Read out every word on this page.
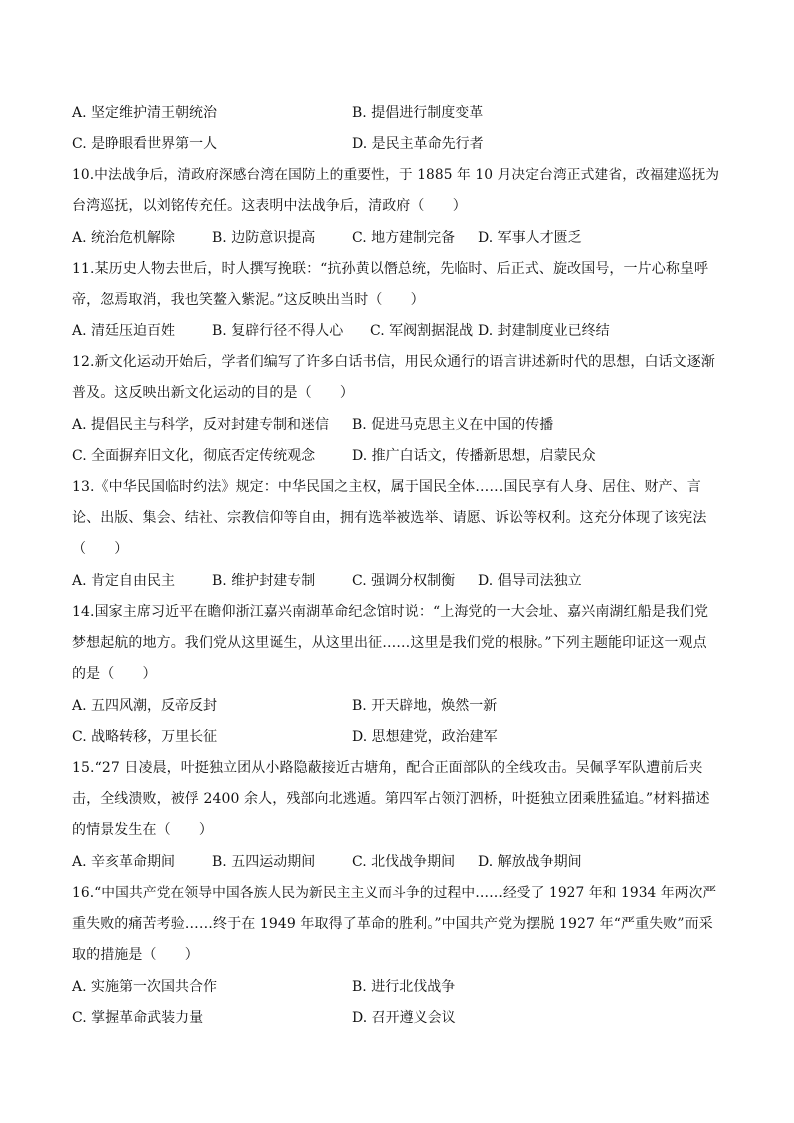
A. 坚定维护清王朝统治	B. 提倡进行制度变革
C. 是睁眼看世界第一人	D. 是民主革命先行者
10.中法战争后，清政府深感台湾在国防上的重要性，于 1885 年 10 月决定台湾正式建省，改福建巡抚为
台湾巡抚，以刘铭传充任。这表明中法战争后，清政府（　　）
A. 统治危机解除	B. 边防意识提高	C. 地方建制完备 D. 军事人才匮乏
11.某历史人物去世后，时人撰写挽联：“抗孙黄以僭总统，先临时、后正式、旋改国号，一片心称皇呼
帝，忽焉取消，我也笑鳌入紫泥。”这反映出当时（　　）
A. 清廷压迫百姓	B. 复辟行径不得人心 C. 军阀割据混战 D. 封建制度业已终结
12.新文化运动开始后，学者们编写了许多白话书信，用民众通行的语言讲述新时代的思想，白话文逐渐
普及。这反映出新文化运动的目的是（　　）
A. 提倡民主与科学，反对封建专制和迷信 B. 促进马克思主义在中国的传播
C. 全面摒弃旧文化，彻底否定传统观念	D. 推广白话文，传播新思想，启蒙民众
13.《中华民国临时约法》规定：中华民国之主权，属于国民全体……国民享有人身、居住、财产、言
论、出版、集会、结社、宗教信仰等自由，拥有选举被选举、请愿、诉讼等权利。这充分体现了该宪法
（　　）
A. 肯定自由民主	B. 维护封建专制	C. 强调分权制衡 D. 倡导司法独立
14.国家主席习近平在瞻仰浙江嘉兴南湖革命纪念馆时说：“上海党的一大会址、嘉兴南湖红船是我们党
梦想起航的地方。我们党从这里诞生，从这里出征……这里是我们党的根脉。”下列主题能印证这一观点
的是（　　）
A. 五四风潮，反帝反封	B. 开天辟地，焕然一新
C. 战略转移，万里长征	D. 思想建党，政治建军
15.“27 日凌晨，叶挺独立团从小路隐蔽接近古塘角，配合正面部队的全线攻击。吴佩孚军队遭前后夹
击，全线溃败，被俘 2400 余人，残部向北逃遁。第四军占领汀泗桥，叶挺独立团乘胜猛追。”材料描述
的情景发生在（　　）
A. 辛亥革命期间	B. 五四运动期间	C. 北伐战争期间 D. 解放战争期间
16.“中国共产党在领导中国各族人民为新民主主义而斗争的过程中……经受了 1927 年和 1934 年两次严
重失败的痛苦考验……终于在 1949 年取得了革命的胜利。”中国共产党为摆脱 1927 年“严重失败”而采
取的措施是（　　）
A. 实施第一次国共合作	B. 进行北伐战争
C. 掌握革命武装力量	D. 召开遵义会议
